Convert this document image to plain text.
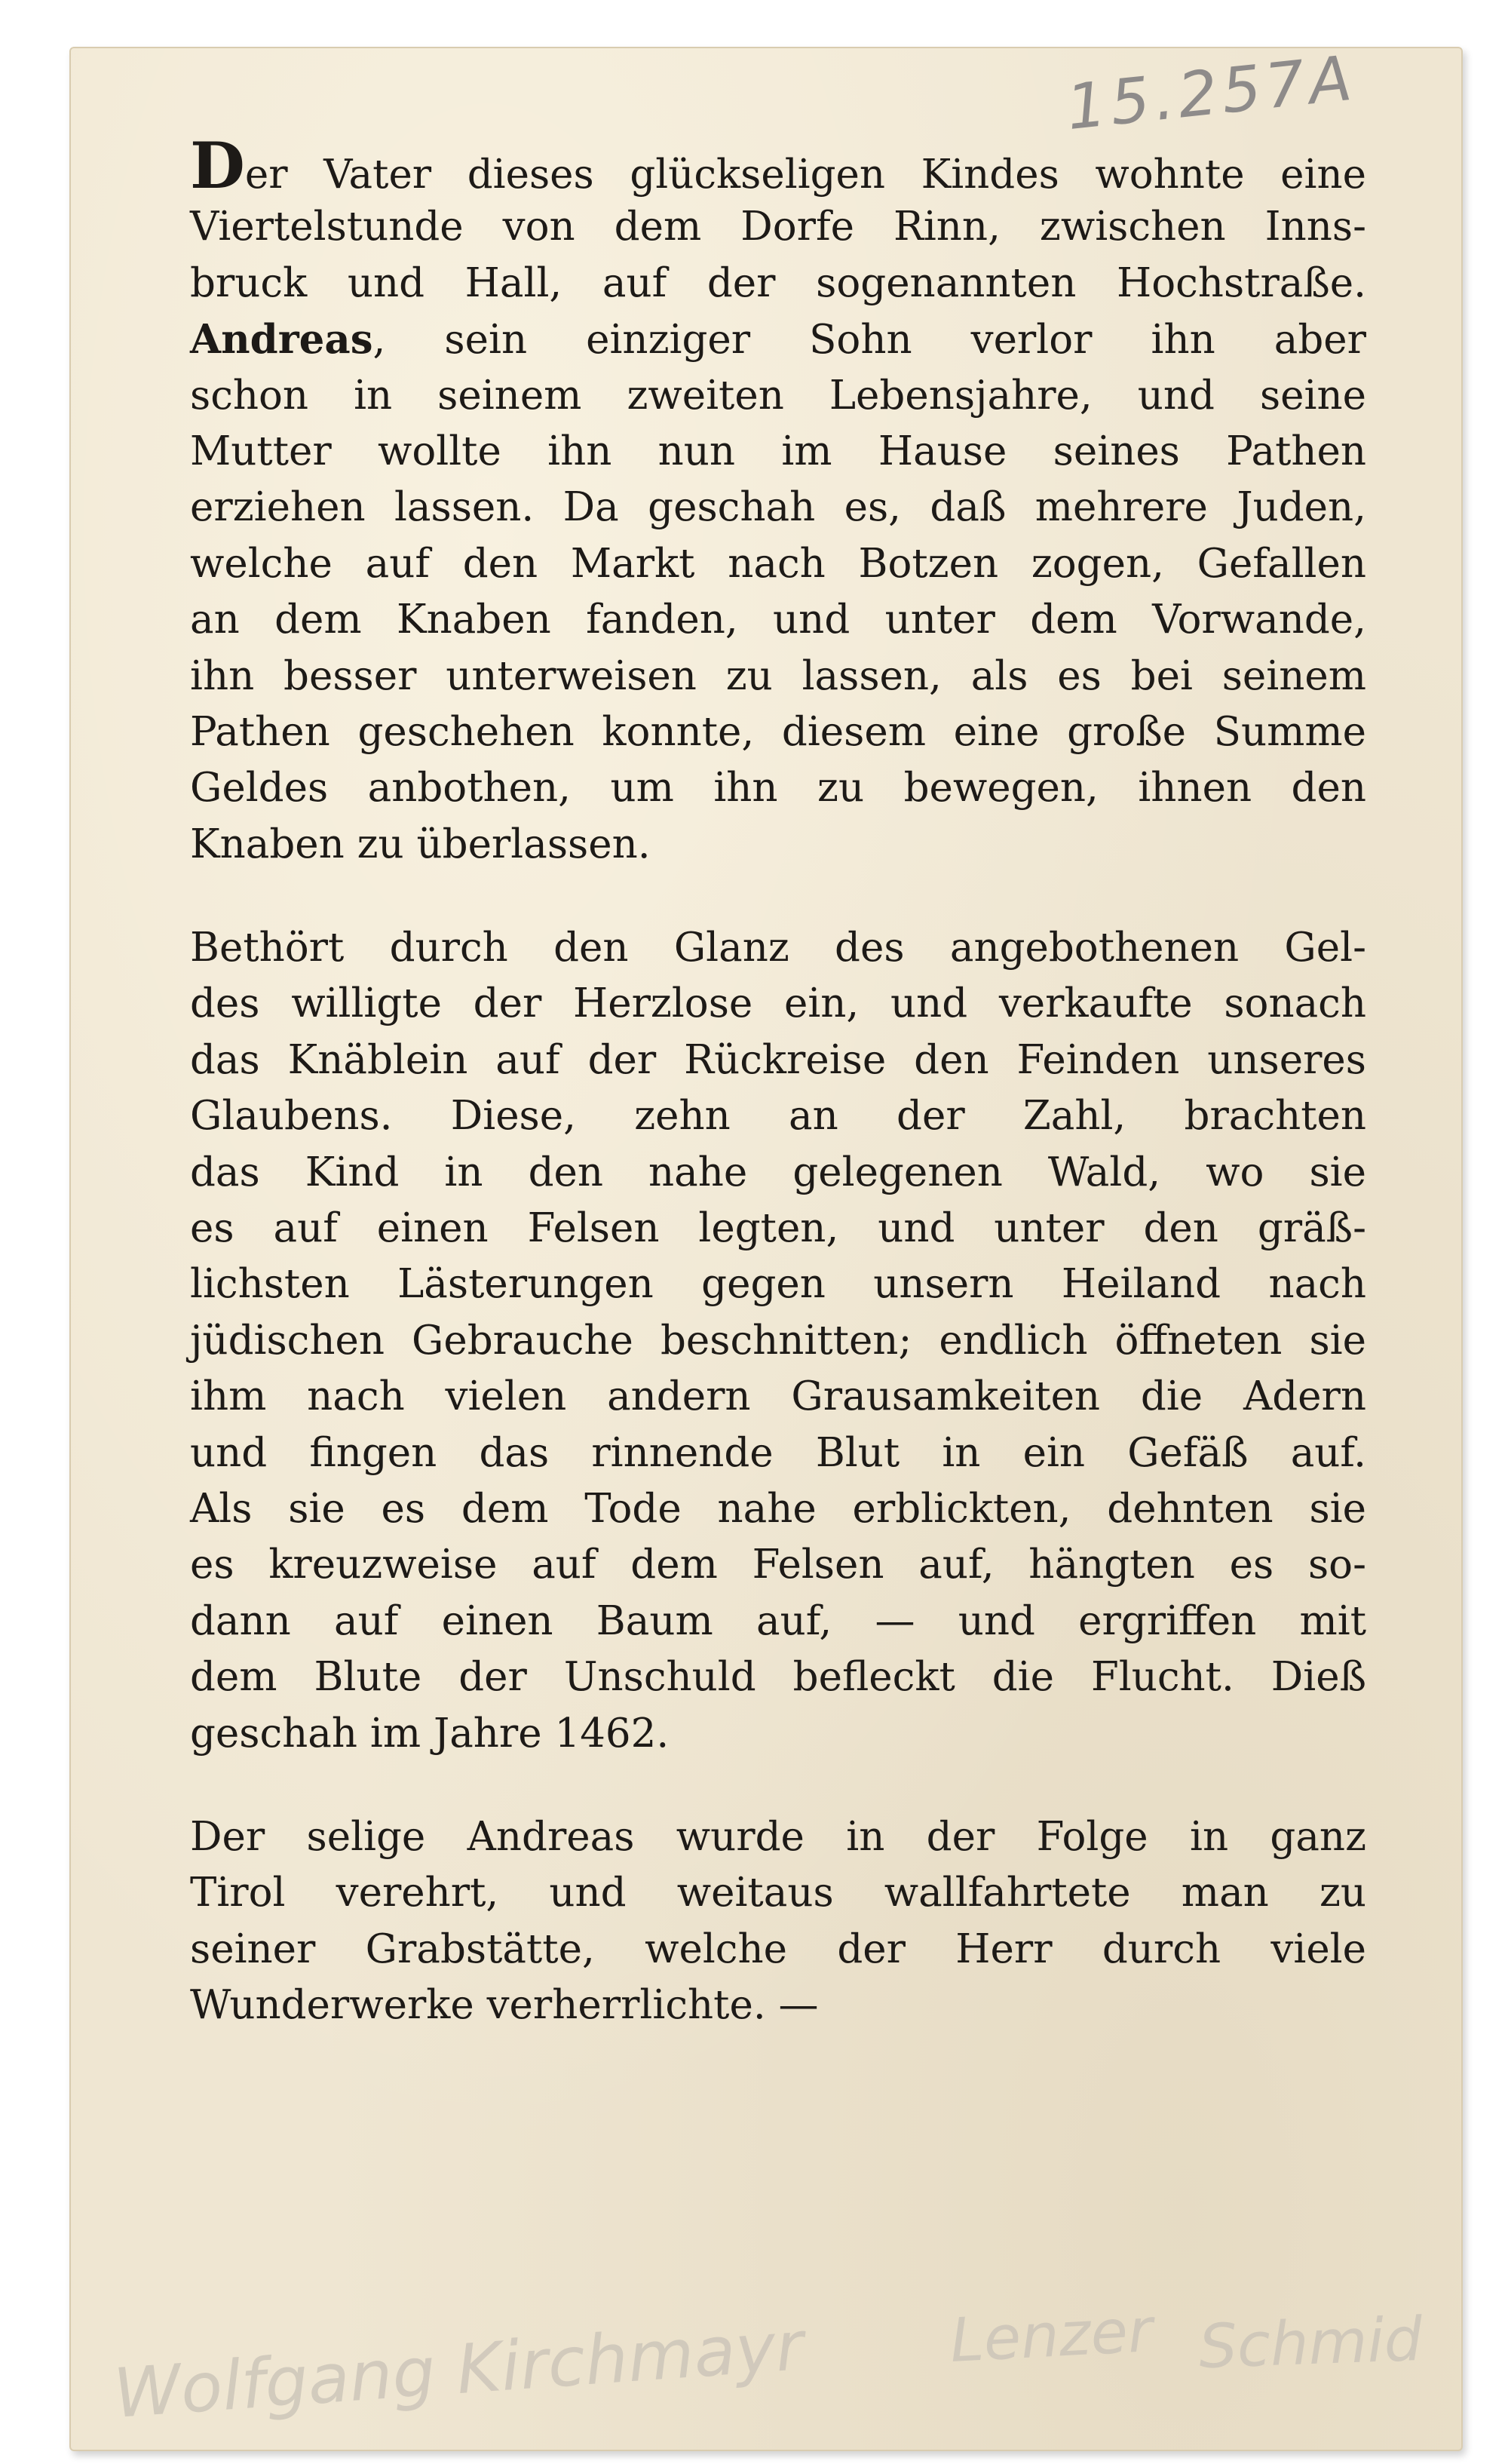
15.257A
Der Vater dieses glückseligen Kindes wohnte eine
Viertelstunde von dem Dorfe Rinn, zwischen Inns-
bruck und Hall, auf der sogenannten Hochstraße.
Andreas, sein einziger Sohn verlor ihn aber
schon in seinem zweiten Lebensjahre, und seine
Mutter wollte ihn nun im Hause seines Pathen
erziehen lassen. Da geschah es, daß mehrere Juden,
welche auf den Markt nach Botzen zogen, Gefallen
an dem Knaben fanden, und unter dem Vorwande,
ihn besser unterweisen zu lassen, als es bei seinem
Pathen geschehen konnte, diesem eine große Summe
Geldes anbothen, um ihn zu bewegen, ihnen den
Knaben zu überlassen.
Bethört durch den Glanz des angebothenen Gel-
des willigte der Herzlose ein, und verkaufte sonach
das Knäblein auf der Rückreise den Feinden unseres
Glaubens. Diese, zehn an der Zahl, brachten
das Kind in den nahe gelegenen Wald, wo sie
es auf einen Felsen legten, und unter den gräß-
lichsten Lästerungen gegen unsern Heiland nach
jüdischen Gebrauche beschnitten; endlich öffneten sie
ihm nach vielen andern Grausamkeiten die Adern
und fingen das rinnende Blut in ein Gefäß auf.
Als sie es dem Tode nahe erblickten, dehnten sie
es kreuzweise auf dem Felsen auf, hängten es so-
dann auf einen Baum auf, — und ergriffen mit
dem Blute der Unschuld befleckt die Flucht. Dieß
geschah im Jahre 1462.
Der selige Andreas wurde in der Folge in ganz
Tirol verehrt, und weitaus wallfahrtete man zu
seiner Grabstätte, welche der Herr durch viele
Wunderwerke verherrlichte. —
Wolfgang Kirchmayr Lenzer Schmid
